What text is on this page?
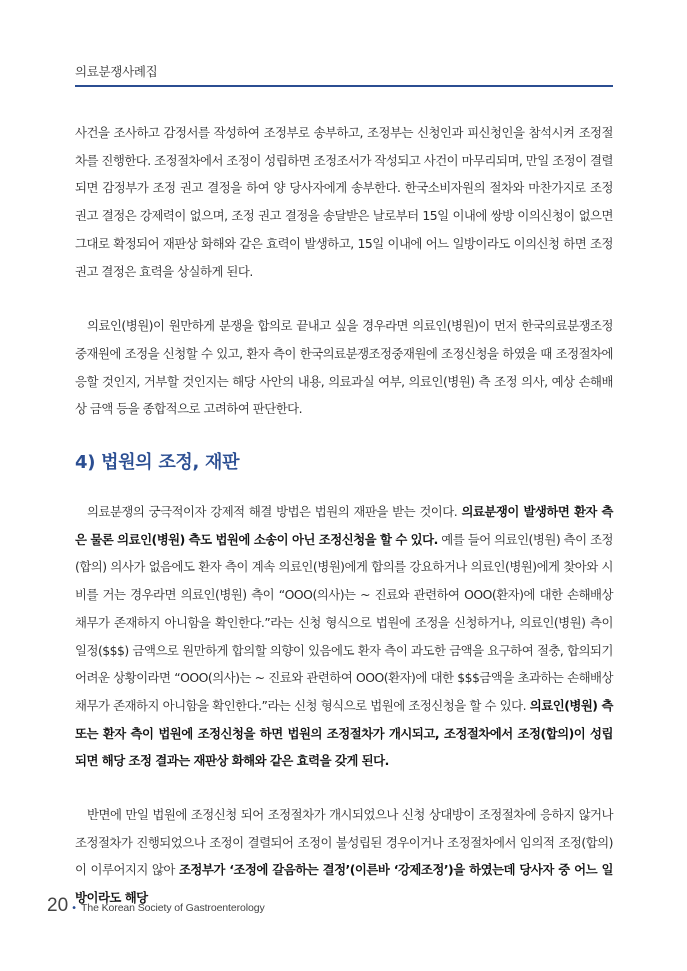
의료분쟁사례집

사건을 조사하고 감정서를 작성하여 조정부로 송부하고, 조정부는 신청인과 피신청인을 참석시켜 조정절차를 진행한다. 조정절차에서 조정이 성립하면 조정조서가 작성되고 사건이 마무리되며, 만일 조정이 결렬되면 감정부가 조정 권고 결정을 하여 양 당사자에게 송부한다. 한국소비자원의 절차와 마찬가지로 조정 권고 결정은 강제력이 없으며, 조정 권고 결정을 송달받은 날로부터 15일 이내에 쌍방 이의신청이 없으면 그대로 확정되어 재판상 화해와 같은 효력이 발생하고, 15일 이내에 어느 일방이라도 이의신청 하면 조정 권고 결정은 효력을 상실하게 된다.

의료인(병원)이 원만하게 분쟁을 합의로 끝내고 싶을 경우라면 의료인(병원)이 먼저 한국의료분쟁조정중재원에 조정을 신청할 수 있고, 환자 측이 한국의료분쟁조정중재원에 조정신청을 하였을 때 조정절차에 응할 것인지, 거부할 것인지는 해당 사안의 내용, 의료과실 여부, 의료인(병원) 측 조정 의사, 예상 손해배상 금액 등을 종합적으로 고려하여 판단한다.

4) 법원의 조정, 재판

의료분쟁의 궁극적이자 강제적 해결 방법은 법원의 재판을 받는 것이다. 의료분쟁이 발생하면 환자 측은 물론 의료인(병원) 측도 법원에 소송이 아닌 조정신청을 할 수 있다. 예를 들어 의료인(병원) 측이 조정(합의) 의사가 없음에도 환자 측이 계속 의료인(병원)에게 합의를 강요하거나 의료인(병원)에게 찾아와 시비를 거는 경우라면 의료인(병원) 측이 “OOO(의사)는 ~ 진료와 관련하여 OOO(환자)에 대한 손해배상 채무가 존재하지 아니함을 확인한다.”라는 신청 형식으로 법원에 조정을 신청하거나, 의료인(병원) 측이 일정($$$) 금액으로 원만하게 합의할 의향이 있음에도 환자 측이 과도한 금액을 요구하여 절충, 합의되기 어려운 상황이라면 “OOO(의사)는 ~ 진료와 관련하여 OOO(환자)에 대한 $$$금액을 초과하는 손해배상 채무가 존재하지 아니함을 확인한다.”라는 신청 형식으로 법원에 조정신청을 할 수 있다. 의료인(병원) 측 또는 환자 측이 법원에 조정신청을 하면 법원의 조정절차가 개시되고, 조정절차에서 조정(합의)이 성립되면 해당 조정 결과는 재판상 화해와 같은 효력을 갖게 된다.

반면에 만일 법원에 조정신청 되어 조정절차가 개시되었으나 신청 상대방이 조정절차에 응하지 않거나 조정절차가 진행되었으나 조정이 결렬되어 조정이 불성립된 경우이거나 조정절차에서 임의적 조정(합의)이 이루어지지 않아 조정부가 ‘조정에 갈음하는 결정’(이른바 ‘강제조정’)을 하였는데 당사자 중 어느 일방이라도 해당

20 • The Korean Society of Gastroenterology
